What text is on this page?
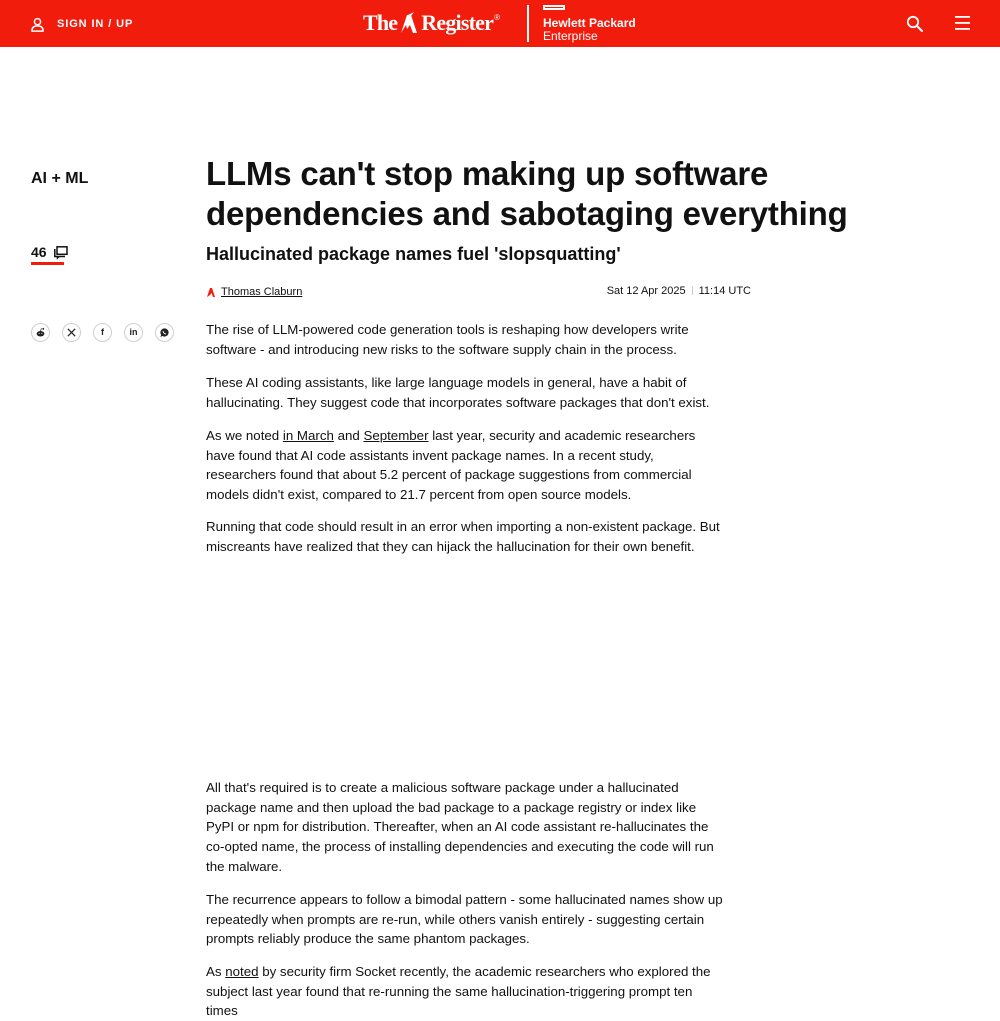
SIGN IN / UP	The Register ®	Hewlett Packard
Enterprise
AI + ML
46
f	in
LLMs can't stop making up software dependencies and sabotaging everything
Hallucinated package names fuel 'slopsquatting'
Thomas Claburn	Sat 12 Apr 2025 11:14 UTC

The rise of LLM-powered code generation tools is reshaping how developers write software - and introducing new risks to the software supply chain in the process.

These AI coding assistants, like large language models in general, have a habit of hallucinating. They suggest code that incorporates software packages that don't exist.

As we noted in March and September last year, security and academic researchers have found that AI code assistants invent package names. In a recent study, researchers found that about 5.2 percent of package suggestions from commercial models didn't exist, compared to 21.7 percent from open source models.

Running that code should result in an error when importing a non-existent package. But miscreants have realized that they can hijack the hallucination for their own benefit.

All that's required is to create a malicious software package under a hallucinated package name and then upload the bad package to a package registry or index like PyPI or npm for distribution. Thereafter, when an AI code assistant re-hallucinates the co-opted name, the process of installing dependencies and executing the code will run the malware.

The recurrence appears to follow a bimodal pattern - some hallucinated names show up repeatedly when prompts are re-run, while others vanish entirely - suggesting certain prompts reliably produce the same phantom packages.

As noted by security firm Socket recently, the academic researchers who explored the subject last year found that re-running the same hallucination-triggering prompt ten times
